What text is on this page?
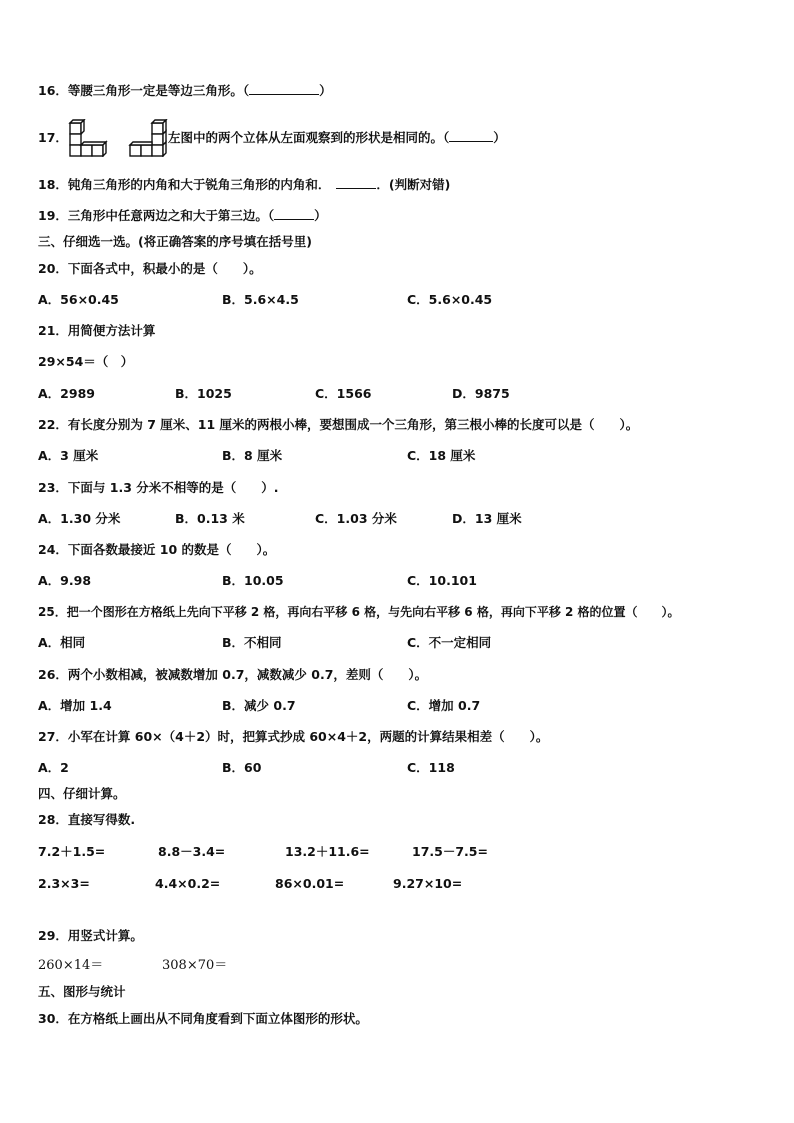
16．等腰三角形一定是等边三角形。（	）
17．	左图中的两个立体从左面观察到的形状是相同的。（	）
18．钝角三角形的内角和大于锐角三角形的内角和．	．(判断对错)
19．三角形中任意两边之和大于第三边。（	）
三、仔细选一选。(将正确答案的序号填在括号里)
20．下面各式中，积最小的是（　　）。
A．56×0.45	B．5.6×4.5	C．5.6×0.45
21．用简便方法计算
29×54＝（　）
A．2989	B．1025	C．1566	D．9875
22．有长度分别为 7 厘米、11 厘米的两根小棒，要想围成一个三角形，第三根小棒的长度可以是（　　）。
A．3 厘米	B．8 厘米	C．18 厘米
23．下面与 1.3 分米不相等的是（　　）.
A．1.30 分米	B．0.13 米	C．1.03 分米	D．13 厘米
24．下面各数最接近 10 的数是（　　）。
A．9.98	B．10.05	C．10.101
25．把一个图形在方格纸上先向下平移 2 格，再向右平移 6 格，与先向右平移 6 格，再向下平移 2 格的位置（　　）。
A．相同	B．不相同	C．不一定相同
26．两个小数相减，被减数增加 0.7，减数减少 0.7，差则（　　）。
A．增加 1.4	B．减少 0.7	C．增加 0.7
27．小军在计算 60×（4＋2）时，把算式抄成 60×4＋2，两题的计算结果相差（　　）。
A．2	B．60	C．118
四、仔细计算。
28．直接写得数.
7.2＋1.5=	8.8－3.4=	13.2＋11.6=	17.5－7.5=
2.3×3=	4.4×0.2=	86×0.01=	9.27×10=
29．用竖式计算。
260×14＝	308×70＝
五、图形与统计
30．在方格纸上画出从不同角度看到下面立体图形的形状。
